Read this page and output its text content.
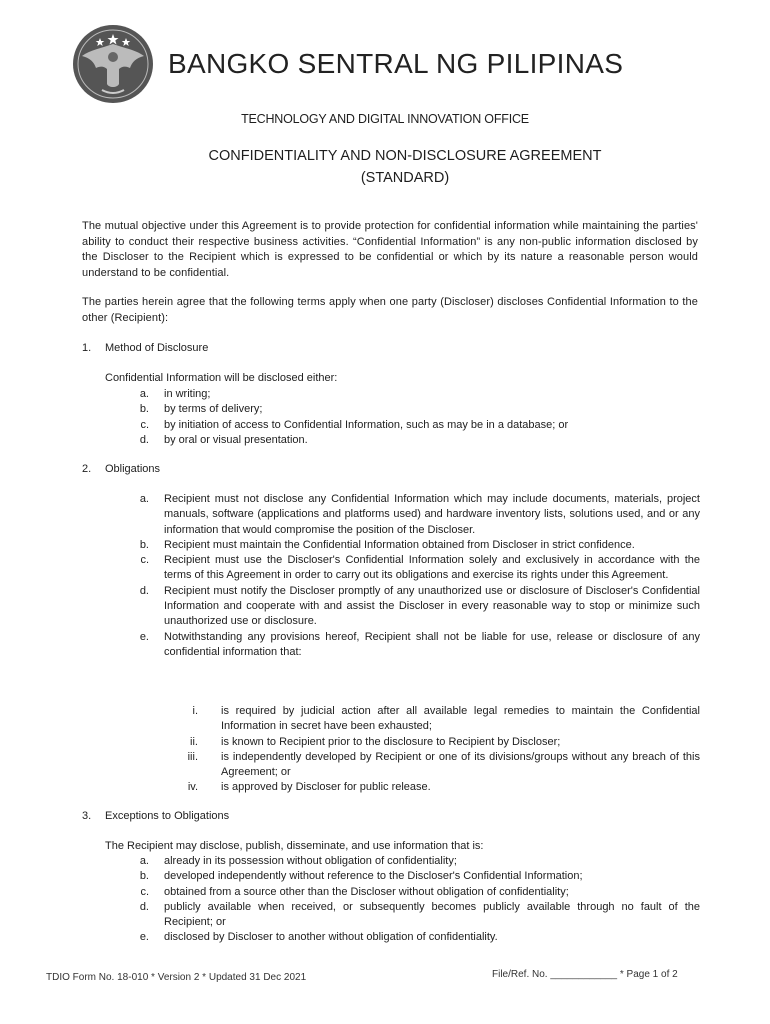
BANGKO SENTRAL NG PILIPINAS
TECHNOLOGY AND DIGITAL INNOVATION OFFICE
CONFIDENTIALITY AND NON-DISCLOSURE AGREEMENT
(STANDARD)
The mutual objective under this Agreement is to provide protection for confidential information while maintaining the parties' ability to conduct their respective business activities. “Confidential Information” is any non-public information disclosed by the Discloser to the Recipient which is expressed to be confidential or which by its nature a reasonable person would understand to be confidential.
The parties herein agree that the following terms apply when one party (Discloser) discloses Confidential Information to the other (Recipient):
1. Method of Disclosure
Confidential Information will be disclosed either:
a. in writing;
b. by terms of delivery;
c. by initiation of access to Confidential Information, such as may be in a database; or
d. by oral or visual presentation.
2. Obligations
a. Recipient must not disclose any Confidential Information which may include documents, materials, project manuals, software (applications and platforms used) and hardware inventory lists, solutions used, and or any information that would compromise the position of the Discloser.
b. Recipient must maintain the Confidential Information obtained from Discloser in strict confidence.
c. Recipient must use the Discloser's Confidential Information solely and exclusively in accordance with the terms of this Agreement in order to carry out its obligations and exercise its rights under this Agreement.
d. Recipient must notify the Discloser promptly of any unauthorized use or disclosure of Discloser's Confidential Information and cooperate with and assist the Discloser in every reasonable way to stop or minimize such unauthorized use or disclosure.
e. Notwithstanding any provisions hereof, Recipient shall not be liable for use, release or disclosure of any confidential information that:
i. is required by judicial action after all available legal remedies to maintain the Confidential Information in secret have been exhausted;
ii. is known to Recipient prior to the disclosure to Recipient by Discloser;
iii. is independently developed by Recipient or one of its divisions/groups without any breach of this Agreement; or
iv. is approved by Discloser for public release.
3. Exceptions to Obligations
The Recipient may disclose, publish, disseminate, and use information that is:
a. already in its possession without obligation of confidentiality;
b. developed independently without reference to the Discloser's Confidential Information;
c. obtained from a source other than the Discloser without obligation of confidentiality;
d. publicly available when received, or subsequently becomes publicly available through no fault of the Recipient; or
e. disclosed by Discloser to another without obligation of confidentiality.
TDIO Form No. 18-010 * Version 2 * Updated 31 Dec 2021	File/Ref. No. ____________ * Page 1 of 2
